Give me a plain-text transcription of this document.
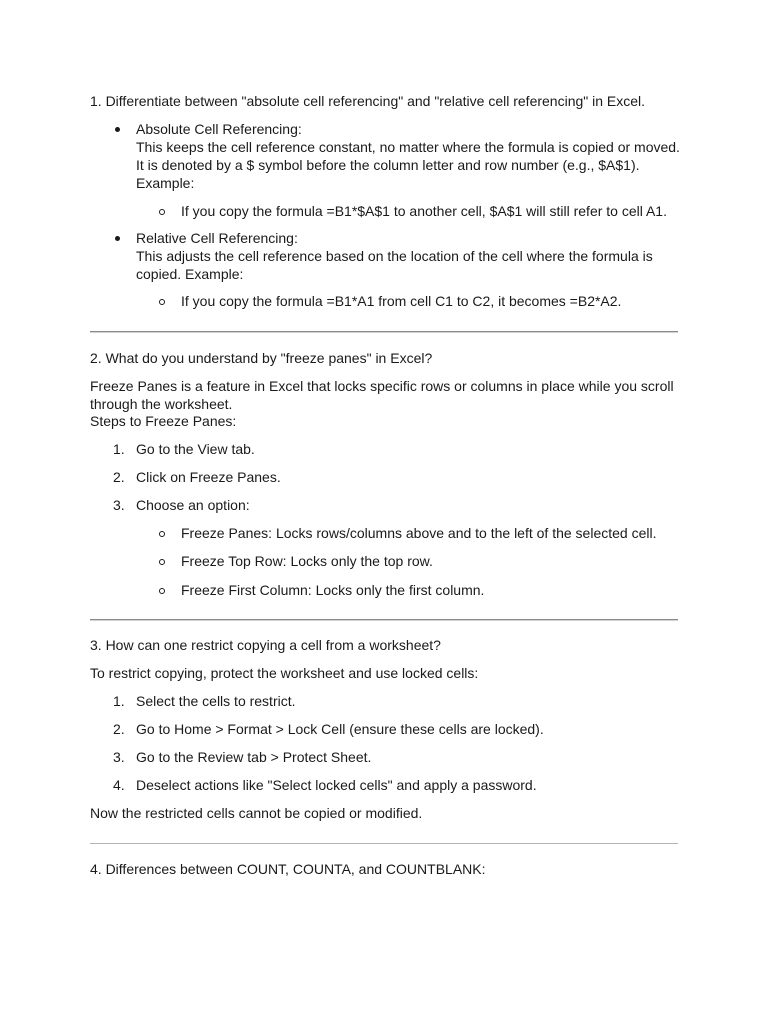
1. Differentiate between "absolute cell referencing" and "relative cell referencing" in Excel.
Absolute Cell Referencing:
This keeps the cell reference constant, no matter where the formula is copied or moved.
It is denoted by a $ symbol before the column letter and row number (e.g., $A$1).
Example:
If you copy the formula =B1*$A$1 to another cell, $A$1 will still refer to cell A1.
Relative Cell Referencing:
This adjusts the cell reference based on the location of the cell where the formula is
copied. Example:
If you copy the formula =B1*A1 from cell C1 to C2, it becomes =B2*A2.
2. What do you understand by "freeze panes" in Excel?
Freeze Panes is a feature in Excel that locks specific rows or columns in place while you scroll
through the worksheet.
Steps to Freeze Panes:
1. Go to the View tab.
2. Click on Freeze Panes.
3. Choose an option:
Freeze Panes: Locks rows/columns above and to the left of the selected cell.
Freeze Top Row: Locks only the top row.
Freeze First Column: Locks only the first column.
3. How can one restrict copying a cell from a worksheet?
To restrict copying, protect the worksheet and use locked cells:
1. Select the cells to restrict.
2. Go to Home > Format > Lock Cell (ensure these cells are locked).
3. Go to the Review tab > Protect Sheet.
4. Deselect actions like "Select locked cells" and apply a password.
Now the restricted cells cannot be copied or modified.
4. Differences between COUNT, COUNTA, and COUNTBLANK:
